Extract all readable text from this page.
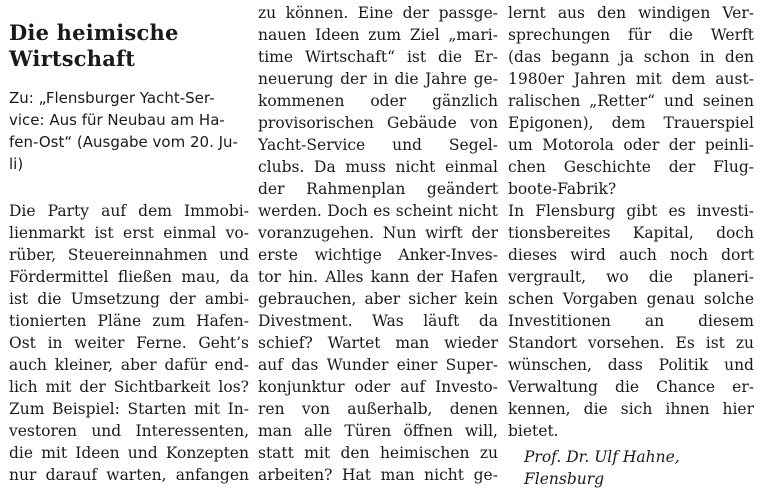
Die heimische
Wirtschaft
Zu: „Flensburger Yacht-Ser-
vice: Aus für Neubau am Ha-
fen-Ost“ (Ausgabe vom 20. Ju-
li)
Die Party auf dem Immobi-
lienmarkt ist erst einmal vo-
rüber, Steuereinnahmen und
Fördermittel fließen mau, da
ist die Umsetzung der ambi-
tionierten Pläne zum Hafen-
Ost in weiter Ferne. Geht’s
auch kleiner, aber dafür end-
lich mit der Sichtbarkeit los?
Zum Beispiel: Starten mit In-
vestoren und Interessenten,
die mit Ideen und Konzepten
nur darauf warten, anfangen
zu können. Eine der passge-
nauen Ideen zum Ziel „mari-
time Wirtschaft“ ist die Er-
neuerung der in die Jahre ge-
kommenen oder gänzlich
provisorischen Gebäude von
Yacht-Service und Segel-
clubs. Da muss nicht einmal
der Rahmenplan geändert
werden. Doch es scheint nicht
voranzugehen. Nun wirft der
erste wichtige Anker-Inves-
tor hin. Alles kann der Hafen
gebrauchen, aber sicher kein
Divestment. Was läuft da
schief? Wartet man wieder
auf das Wunder einer Super-
konjunktur oder auf Investo-
ren von außerhalb, denen
man alle Türen öffnen will,
statt mit den heimischen zu
arbeiten? Hat man nicht ge-
lernt aus den windigen Ver-
sprechungen für die Werft
(das begann ja schon in den
1980er Jahren mit dem aust-
ralischen „Retter“ und seinen
Epigonen), dem Trauerspiel
um Motorola oder der peinli-
chen Geschichte der Flug-
boote-Fabrik?
In Flensburg gibt es investi-
tionsbereites Kapital, doch
dieses wird auch noch dort
vergrault, wo die planeri-
schen Vorgaben genau solche
Investitionen an diesem
Standort vorsehen. Es ist zu
wünschen, dass Politik und
Verwaltung die Chance er-
kennen, die sich ihnen hier
bietet.
Prof. Dr. Ulf Hahne,
Flensburg
